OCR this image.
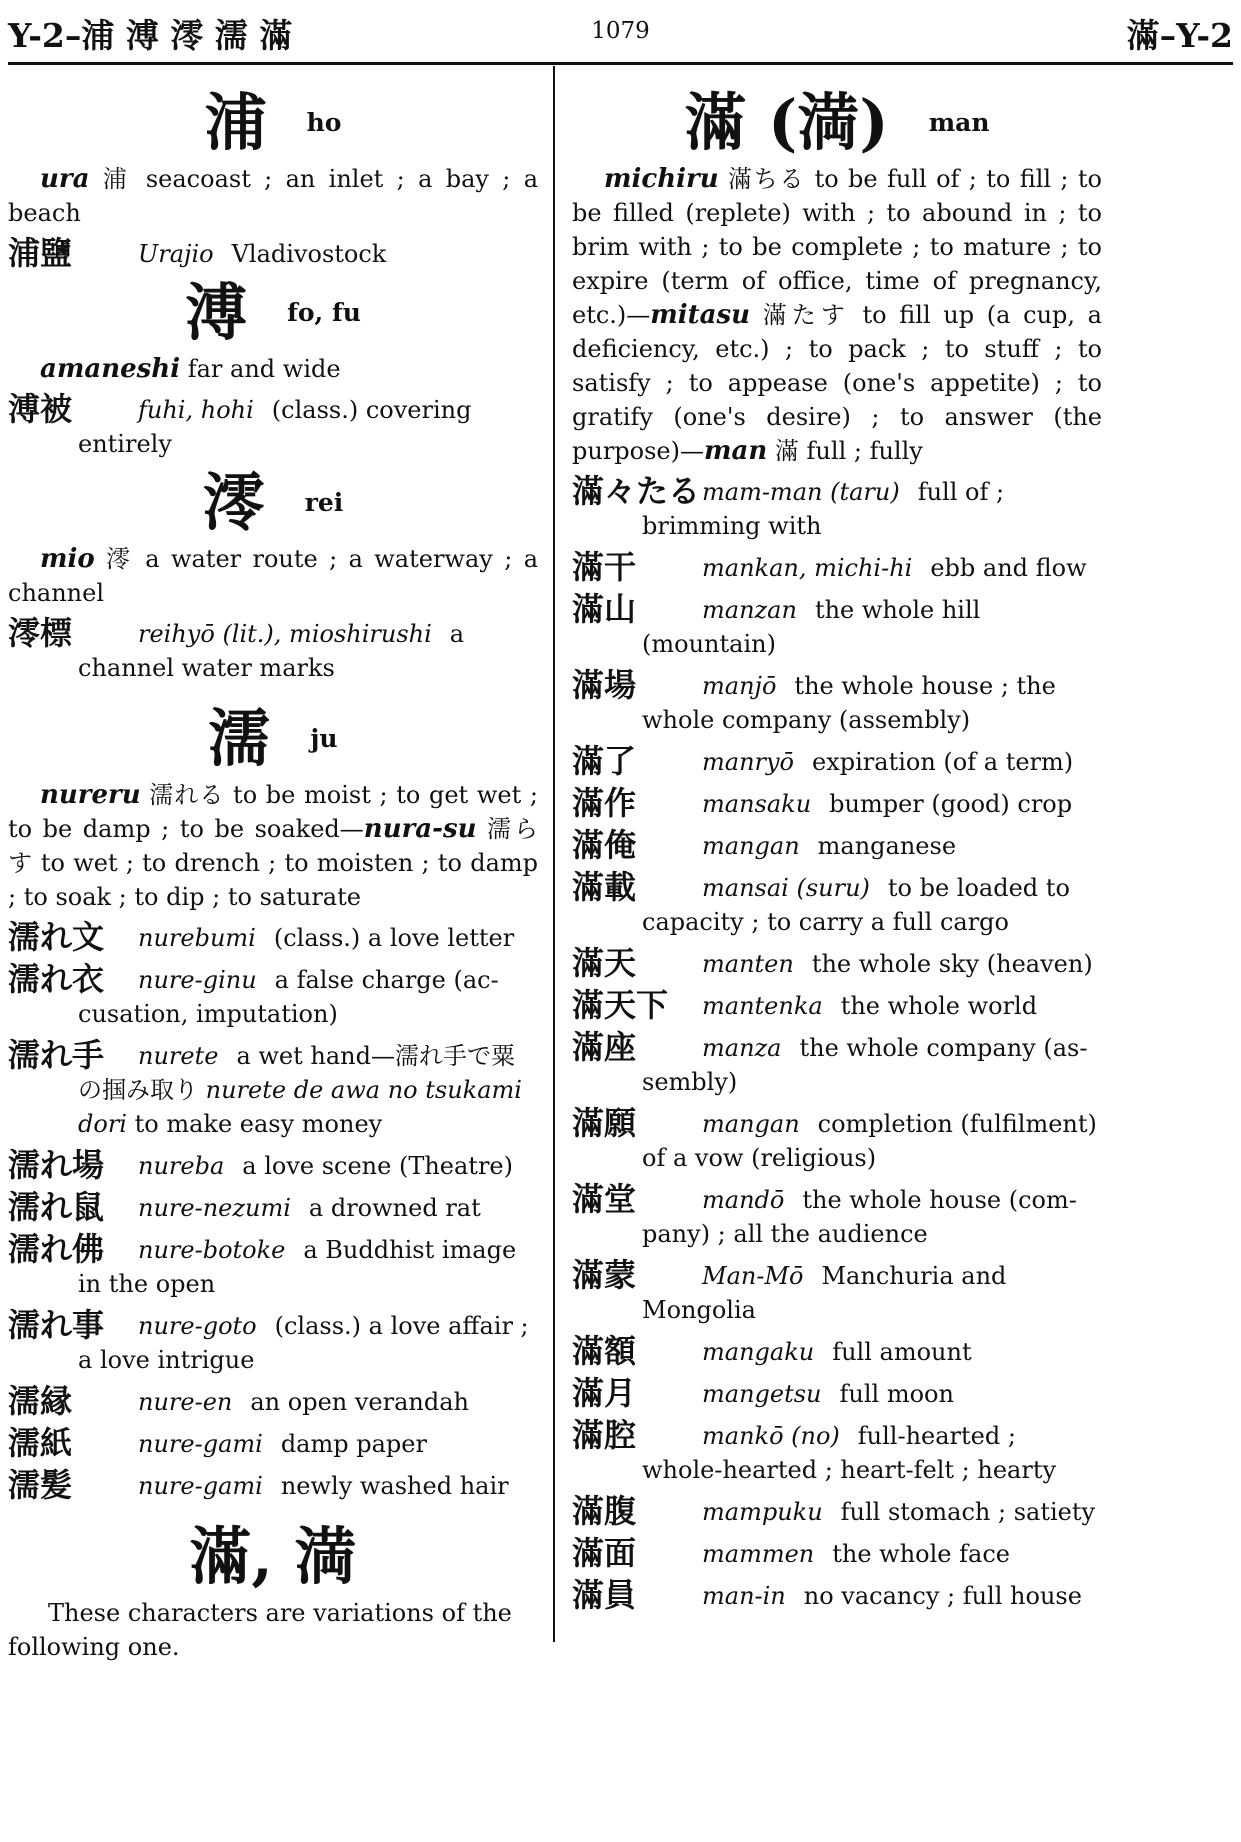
Y-2–浦 溥 澪 濡 滿	1079	滿–Y-2
浦 ho

ura 浦 seacoast ; an inlet ; a bay ; a beach

浦鹽	Urajio Vladivostock
溥 fo, fu

amaneshi far and wide

溥被	fuhi, hohi (class.) covering entirely
澪 rei

mio 澪 a water route ; a waterway ; a channel

澪標	reihyō (lit.), mioshirushi a channel water marks
濡 ju

nureru 濡れる to be moist ; to get wet ; to be damp ; to be soaked—nura-su 濡らす to wet ; to drench ; to moisten ; to damp ; to soak ; to dip ; to saturate

濡れ文 nurebumi (class.) a love letter
濡れ衣 nure-ginu a false charge (ac-cusation, imputation)
濡れ手 nurete a wet hand—濡れ手で粟の掴み取り nurete de awa no tsukami dori to make easy money
濡れ場 nureba a love scene (Theatre)
濡れ鼠 nure-nezumi a drowned rat
濡れ佛 nure-botoke a Buddhist image in the open
濡れ事 nure-goto (class.) a love affair ; a love intrigue
濡縁	nure-en an open verandah
濡紙	nure-gami damp paper
濡髪	nure-gami newly washed hair
滿, 満

These characters are variations of the following one.

滿 (満) man

michiru 滿ちる to be full of ; to fill ; to be filled (replete) with ; to abound in ; to brim with ; to be complete ; to mature ; to expire (term of office, time of pregnancy, etc.)—mitasu 滿たす to fill up (a cup, a deficiency, etc.) ; to pack ; to stuff ; to satisfy ; to appease (one's appetite) ; to gratify (one's desire) ; to answer (the purpose)—man 滿 full ; fully

滿々たるmam-man (taru) full of ; brimming with
滿干	mankan, michi-hi ebb and flow
滿山	manzan the whole hill (mountain)
滿場	manjō the whole house ; the whole company (assembly)
滿了	manryō expiration (of a term)
滿作	mansaku bumper (good) crop
滿俺	mangan manganese
滿載	mansai (suru) to be loaded to capacity ; to carry a full cargo
滿天	manten the whole sky (heaven)
滿天下 mantenka the whole world
滿座	manza the whole company (as-sembly)
滿願	mangan completion (fulfilment) of a vow (religious)
滿堂	mandō the whole house (com-pany) ; all the audience
滿蒙	Man-Mō Manchuria and Mongolia
滿額	mangaku full amount
滿月	mangetsu full moon
滿腔	mankō (no) full-hearted ; whole-hearted ; heart-felt ; hearty
滿腹	mampuku full stomach ; satiety
滿面	mammen the whole face
滿員	man-in no vacancy ; full house
